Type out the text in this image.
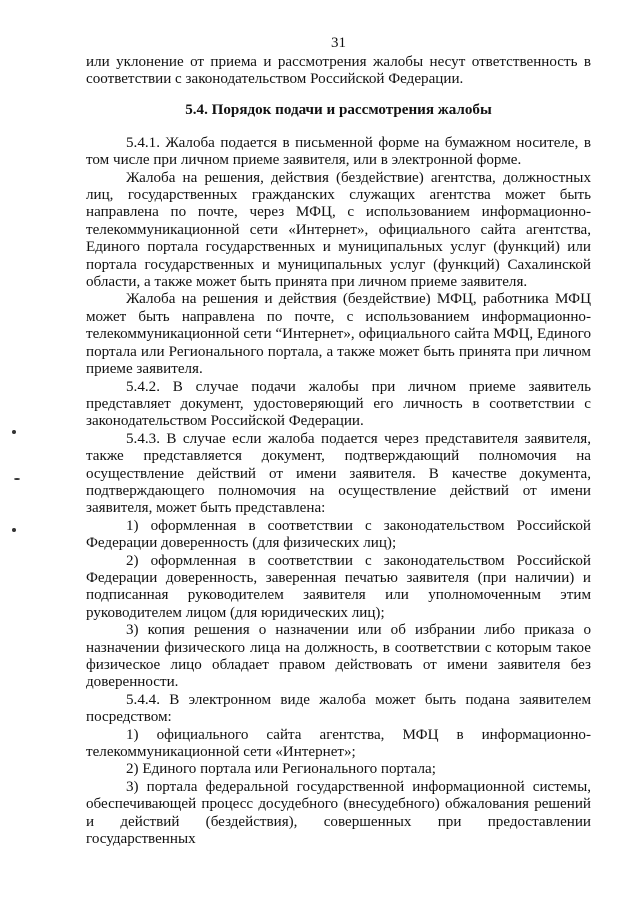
31

или уклонение от приема и рассмотрения жалобы несут ответственность в соответствии с законодательством Российской Федерации.

5.4. Порядок подачи и рассмотрения жалобы

5.4.1. Жалоба подается в письменной форме на бумажном носителе, в том числе при личном приеме заявителя, или в электронной форме.

Жалоба на решения, действия (бездействие) агентства, должностных лиц, государственных гражданских служащих агентства может быть направлена по почте, через МФЦ, с использованием информационно-телекоммуникационной сети «Интернет», официального сайта агентства, Единого портала государственных и муниципальных услуг (функций) или портала государственных и муниципальных услуг (функций) Сахалинской области, а также может быть принята при личном приеме заявителя.

Жалоба на решения и действия (бездействие) МФЦ, работника МФЦ может быть направлена по почте, с использованием информационно-телекоммуникационной сети “Интернет», официального сайта МФЦ, Единого портала или Регионального портала, а также может быть принята при личном приеме заявителя.

5.4.2. В случае подачи жалобы при личном приеме заявитель представляет документ, удостоверяющий его личность в соответствии с законодательством Российской Федерации.

5.4.3. В случае если жалоба подается через представителя заявителя, также представляется документ, подтверждающий полномочия на осуществление действий от имени заявителя. В качестве документа, подтверждающего полномочия на осуществление действий от имени заявителя, может быть представлена:

1) оформленная в соответствии с законодательством Российской Федерации доверенность (для физических лиц);

2) оформленная в соответствии с законодательством Российской Федерации доверенность, заверенная печатью заявителя (при наличии) и подписанная руководителем заявителя или уполномоченным этим руководителем лицом (для юридических лиц);

3) копия решения о назначении или об избрании либо приказа о назначении физического лица на должность, в соответствии с которым такое физическое лицо обладает правом действовать от имени заявителя без доверенности.

5.4.4. В электронном виде жалоба может быть подана заявителем посредством:

1) официального сайта агентства, МФЦ в информационно-телекоммуникационной сети «Интернет»;

2) Единого портала или Регионального портала;

3) портала федеральной государственной информационной системы, обеспечивающей процесс досудебного (внесудебного) обжалования решений и действий (бездействия), совершенных при предоставлении государственных
